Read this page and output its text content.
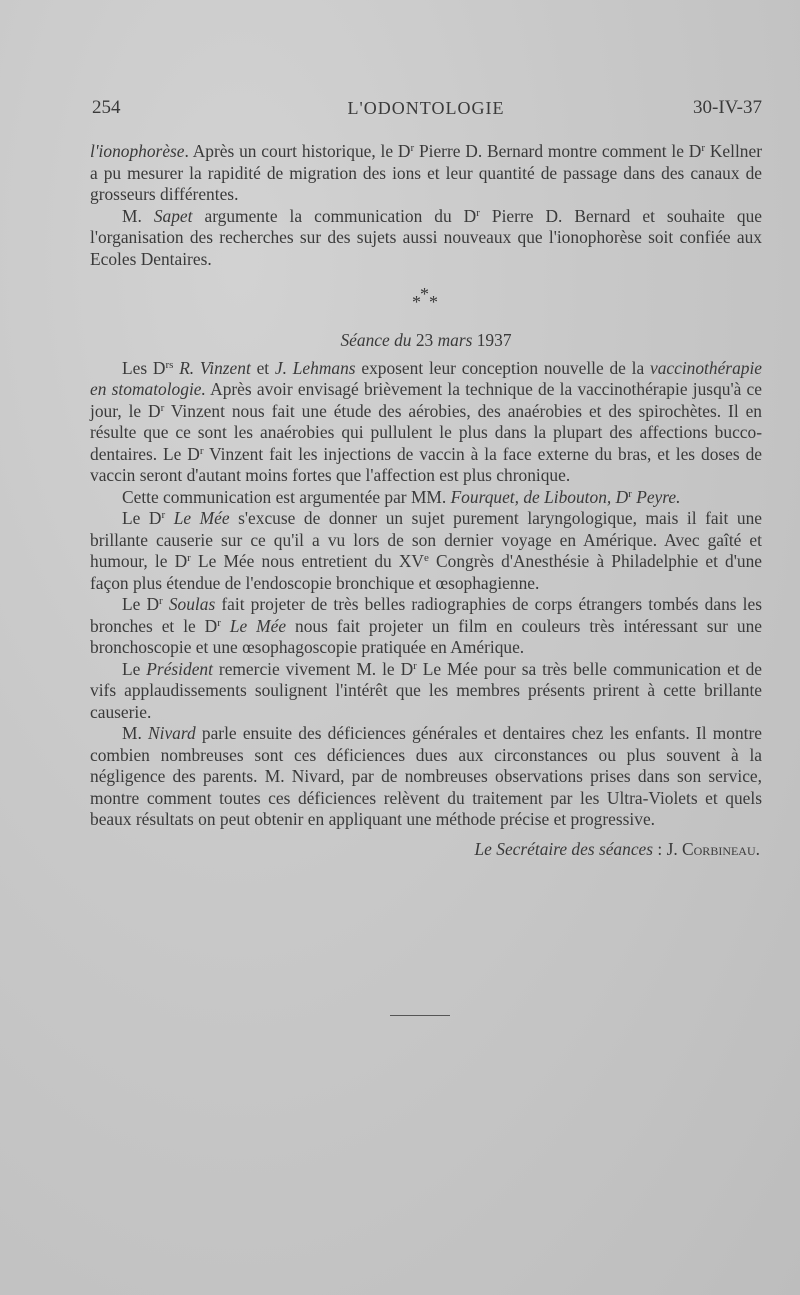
254	L'ODONTOLOGIE	30-IV-37

l'ionophorèse. Après un court historique, le $D^r$ Pierre D. Bernard montre comment le $D^r$ Kellner a pu mesurer la rapidité de migration des ions et leur quantité de passage dans des canaux de grosseurs différentes.

M. Sapet argumente la communication du $D^r$ Pierre D. Bernard et souhaite que l'organisation des recherches sur des sujets aussi nouveaux que l'ionophorèse soit confiée aux Ecoles Dentaires.

*
* *
Séance du 23 mars 1937

Les $D^{rs}$ R. Vinzent et J. Lehmans exposent leur conception nouvelle de la vaccinothérapie en stomatologie. Après avoir envisagé brièvement la technique de la vaccinothérapie jusqu'à ce jour, le $D^r$ Vinzent nous fait une étude des aérobies, des anaérobies et des spirochètes. Il en résulte que ce sont les anaérobies qui pullulent le plus dans la plupart des affections bucco-dentaires. Le $D^r$ Vinzent fait les injections de vaccin à la face externe du bras, et les doses de vaccin seront d'autant moins fortes que l'affection est plus chronique.

Cette communication est argumentée par MM. Fourquet, de Libouton, $D^r$ Peyre.

Le $D^r$ Le Mée s'excuse de donner un sujet purement laryngologique, mais il fait une brillante causerie sur ce qu'il a vu lors de son dernier voyage en Amérique. Avec gaîté et humour, le $D^r$ Le Mée nous entretient du XVe Congrès d'Anesthésie à Philadelphie et d'une façon plus étendue de l'endoscopie bronchique et œsophagienne.

Le $D^r$ Soulas fait projeter de très belles radiographies de corps étrangers tombés dans les bronches et le $D^r$ Le Mée nous fait projeter un film en couleurs très intéressant sur une bronchoscopie et une œsophagoscopie pratiquée en Amérique.

Le Président remercie vivement M. le $D^r$ Le Mée pour sa très belle communication et de vifs applaudissements soulignent l'intérêt que les membres présents prirent à cette brillante causerie.

M. Nivard parle ensuite des déficiences générales et dentaires chez les enfants. Il montre combien nombreuses sont ces déficiences dues aux circonstances ou plus souvent à la négligence des parents. M. Nivard, par de nombreuses observations prises dans son service, montre comment toutes ces déficiences relèvent du traitement par les Ultra-Violets et quels beaux résultats on peut obtenir en appliquant une méthode précise et progressive.

Le Secrétaire des séances : J. Corbineau.
